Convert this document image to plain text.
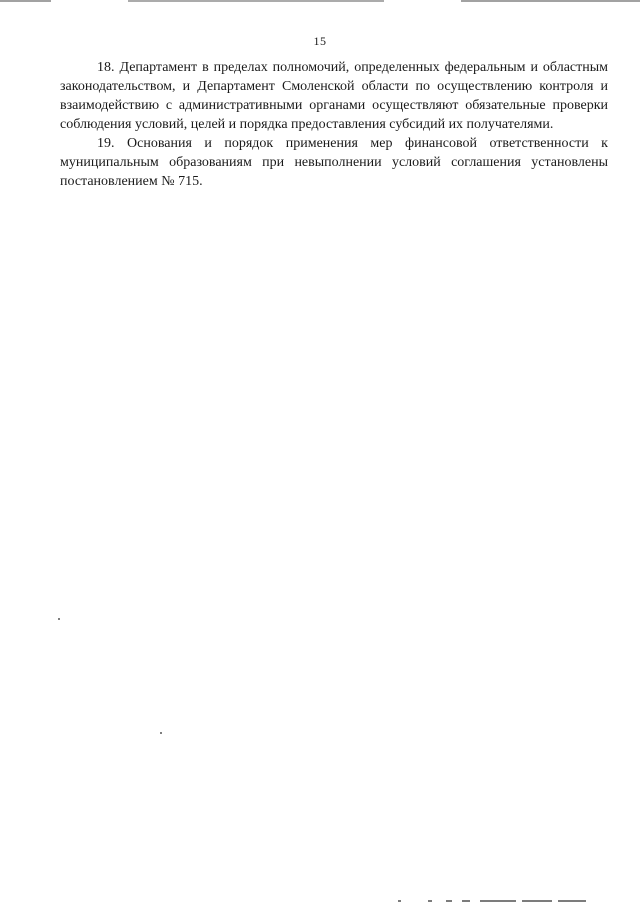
15

18. Департамент в пределах полномочий, определенных федеральным и областным законодательством, и Департамент Смоленской области по осуществлению контроля и взаимодействию с административными органами осуществляют обязательные проверки соблюдения условий, целей и порядка предоставления субсидий их получателями.

19. Основания и порядок применения мер финансовой ответственности к муниципальным образованиям при невыполнении условий соглашения установлены постановлением № 715.
